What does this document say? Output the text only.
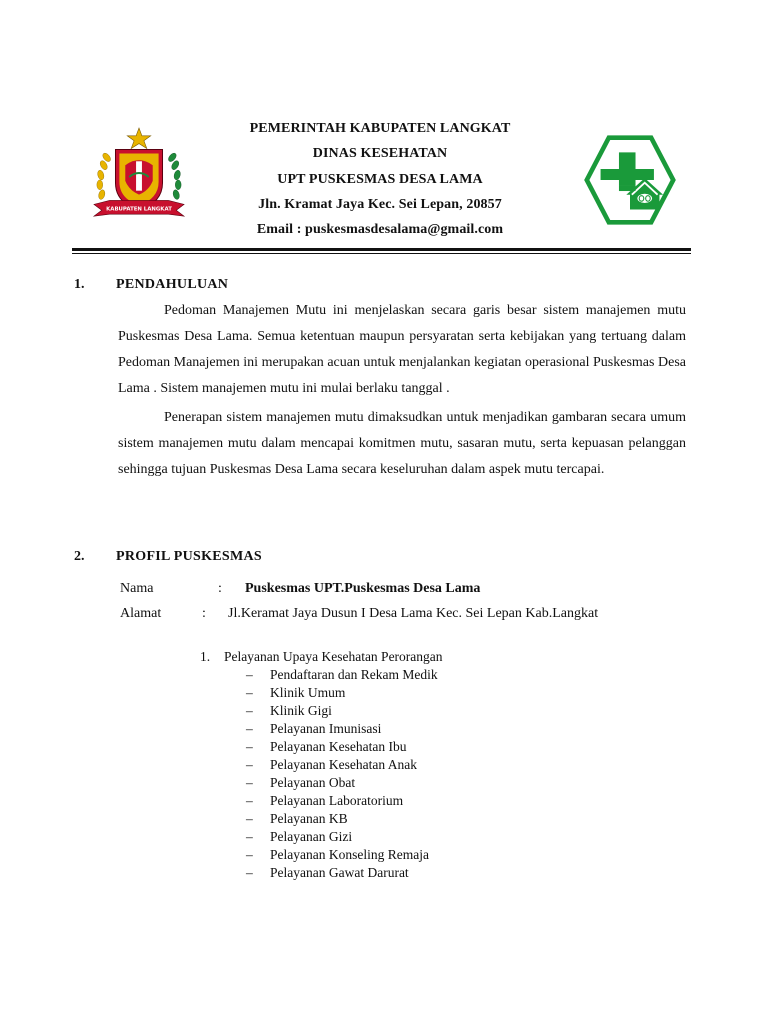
KABUPATEN LANGKAT
PEMERINTAH KABUPATEN LANGKAT
DINAS KESEHATAN
UPT PUSKESMAS DESA LAMA
Jln. Kramat Jaya Kec. Sei Lepan, 20857
Email : puskesmasdesalama@gmail.com
1. PENDAHULUAN

Pedoman Manajemen Mutu ini menjelaskan secara garis besar sistem manajemen mutu Puskesmas Desa Lama. Semua ketentuan maupun persyaratan serta kebijakan yang tertuang dalam Pedoman Manajemen ini merupakan acuan untuk menjalankan kegiatan operasional Puskesmas Desa Lama . Sistem manajemen mutu ini mulai berlaku tanggal .

Penerapan sistem manajemen mutu dimaksudkan untuk menjadikan gambaran secara umum sistem manajemen mutu dalam mencapai komitmen mutu, sasaran mutu, serta kepuasan pelanggan sehingga tujuan Puskesmas Desa Lama secara keseluruhan dalam aspek mutu tercapai.

2. PROFIL PUSKESMAS
Nama	: Puskesmas UPT.Puskesmas Desa Lama
Alamat	: Jl.Keramat Jaya Dusun I Desa Lama Kec. Sei Lepan Kab.Langkat
1. Pelayanan Upaya Kesehatan Perorangan
– Pendaftaran dan Rekam Medik
– Klinik Umum
– Klinik Gigi
– Pelayanan Imunisasi
– Pelayanan Kesehatan Ibu
– Pelayanan Kesehatan Anak
– Pelayanan Obat
– Pelayanan Laboratorium
– Pelayanan KB
– Pelayanan Gizi
– Pelayanan Konseling Remaja
– Pelayanan Gawat Darurat
